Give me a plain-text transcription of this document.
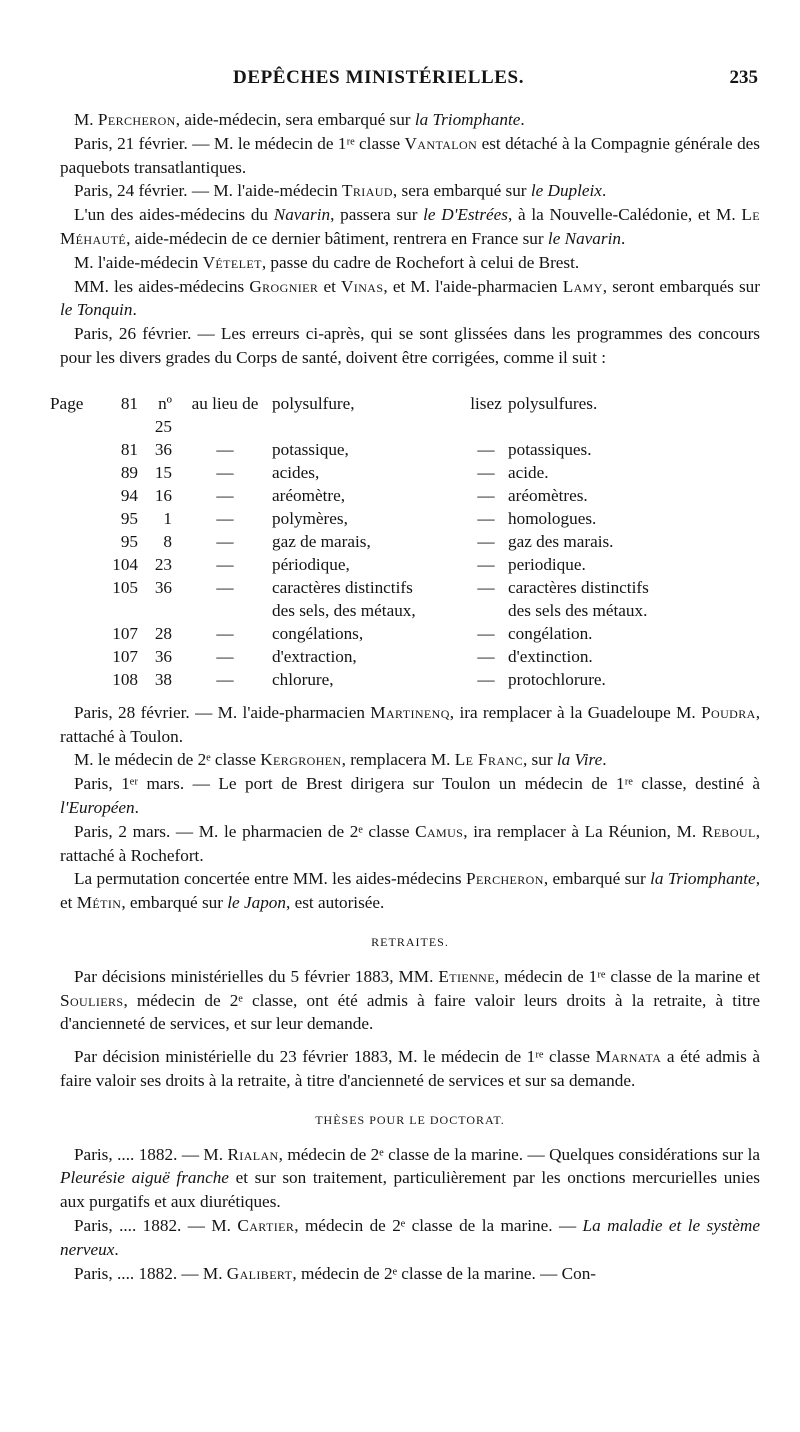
DEPÊCHES MINISTÉRIELLES.	235

M. Percheron, aide-médecin, sera embarqué sur la Triomphante.

Paris, 21 février. — M. le médecin de 1ʳᵉ classe Vantalon est détaché à la Compagnie générale des paquebots transatlantiques.

Paris, 24 février. — M. l'aide-médecin Triaud, sera embarqué sur le Dupleix.

L'un des aides-médecins du Navarin, passera sur le D'Estrées, à la Nouvelle-Calédonie, et M. Le Méhauté, aide-médecin de ce dernier bâtiment, rentrera en France sur le Navarin.

M. l'aide-médecin Vételet, passe du cadre de Rochefort à celui de Brest.

MM. les aides-médecins Grognier et Vinas, et M. l'aide-pharmacien Lamy, seront embarqués sur le Tonquin.

Paris, 26 février. — Les erreurs ci-après, qui se sont glissées dans les programmes des concours pour les divers grades du Corps de santé, doivent être corrigées, comme il suit :

Page	81	nº 25	au lieu de	polysulfure,	lisez	polysulfures.
	81	36	—	potassique,	—	potassiques.
	89	15	—	acides,	—	acide.
	94	16	—	aréomètre,	—	aréomètres.
	95	1	—	polymères,	—	homologues.
	95	8	—	gaz de marais,	—	gaz des marais.
	104	23	—	périodique,	—	periodique.
	105	36	—	caractères distinctifs	—	caractères distinctifs
				des sels, des métaux,		des sels des métaux.
	107	28	—	congélations,	—	congélation.
	107	36	—	d'extraction,	—	d'extinction.
	108	38	—	chlorure,	—	protochlorure.

Paris, 28 février. — M. l'aide-pharmacien Martinenq, ira remplacer à la Guadeloupe M. Poudra, rattaché à Toulon.

M. le médecin de 2ᵉ classe Kergrohen, remplacera M. Le Franc, sur la Vire.

Paris, 1ᵉʳ mars. — Le port de Brest dirigera sur Toulon un médecin de 1ʳᵉ classe, destiné à l'Européen.

Paris, 2 mars. — M. le pharmacien de 2ᵉ classe Camus, ira remplacer à La Réunion, M. Reboul, rattaché à Rochefort.

La permutation concertée entre MM. les aides-médecins Percheron, embarqué sur la Triomphante, et Métin, embarqué sur le Japon, est autorisée.

RETRAITES.

Par décisions ministérielles du 5 février 1883, MM. Etienne, médecin de 1ʳᵉ classe de la marine et Souliers, médecin de 2ᵉ classe, ont été admis à faire valoir leurs droits à la retraite, à titre d'ancienneté de services, et sur leur demande.

Par décision ministérielle du 23 février 1883, M. le médecin de 1ʳᵉ classe Marnata a été admis à faire valoir ses droits à la retraite, à titre d'ancienneté de services et sur sa demande.

THÈSES POUR LE DOCTORAT.

Paris, .... 1882. — M. Rialan, médecin de 2ᵉ classe de la marine. — Quelques considérations sur la Pleurésie aiguë franche et sur son traitement, particulièrement par les onctions mercurielles unies aux purgatifs et aux diurétiques.

Paris, .... 1882. — M. Cartier, médecin de 2ᵉ classe de la marine. — La maladie et le système nerveux.

Paris, .... 1882. — M. Galibert, médecin de 2ᵉ classe de la marine. — Con-
